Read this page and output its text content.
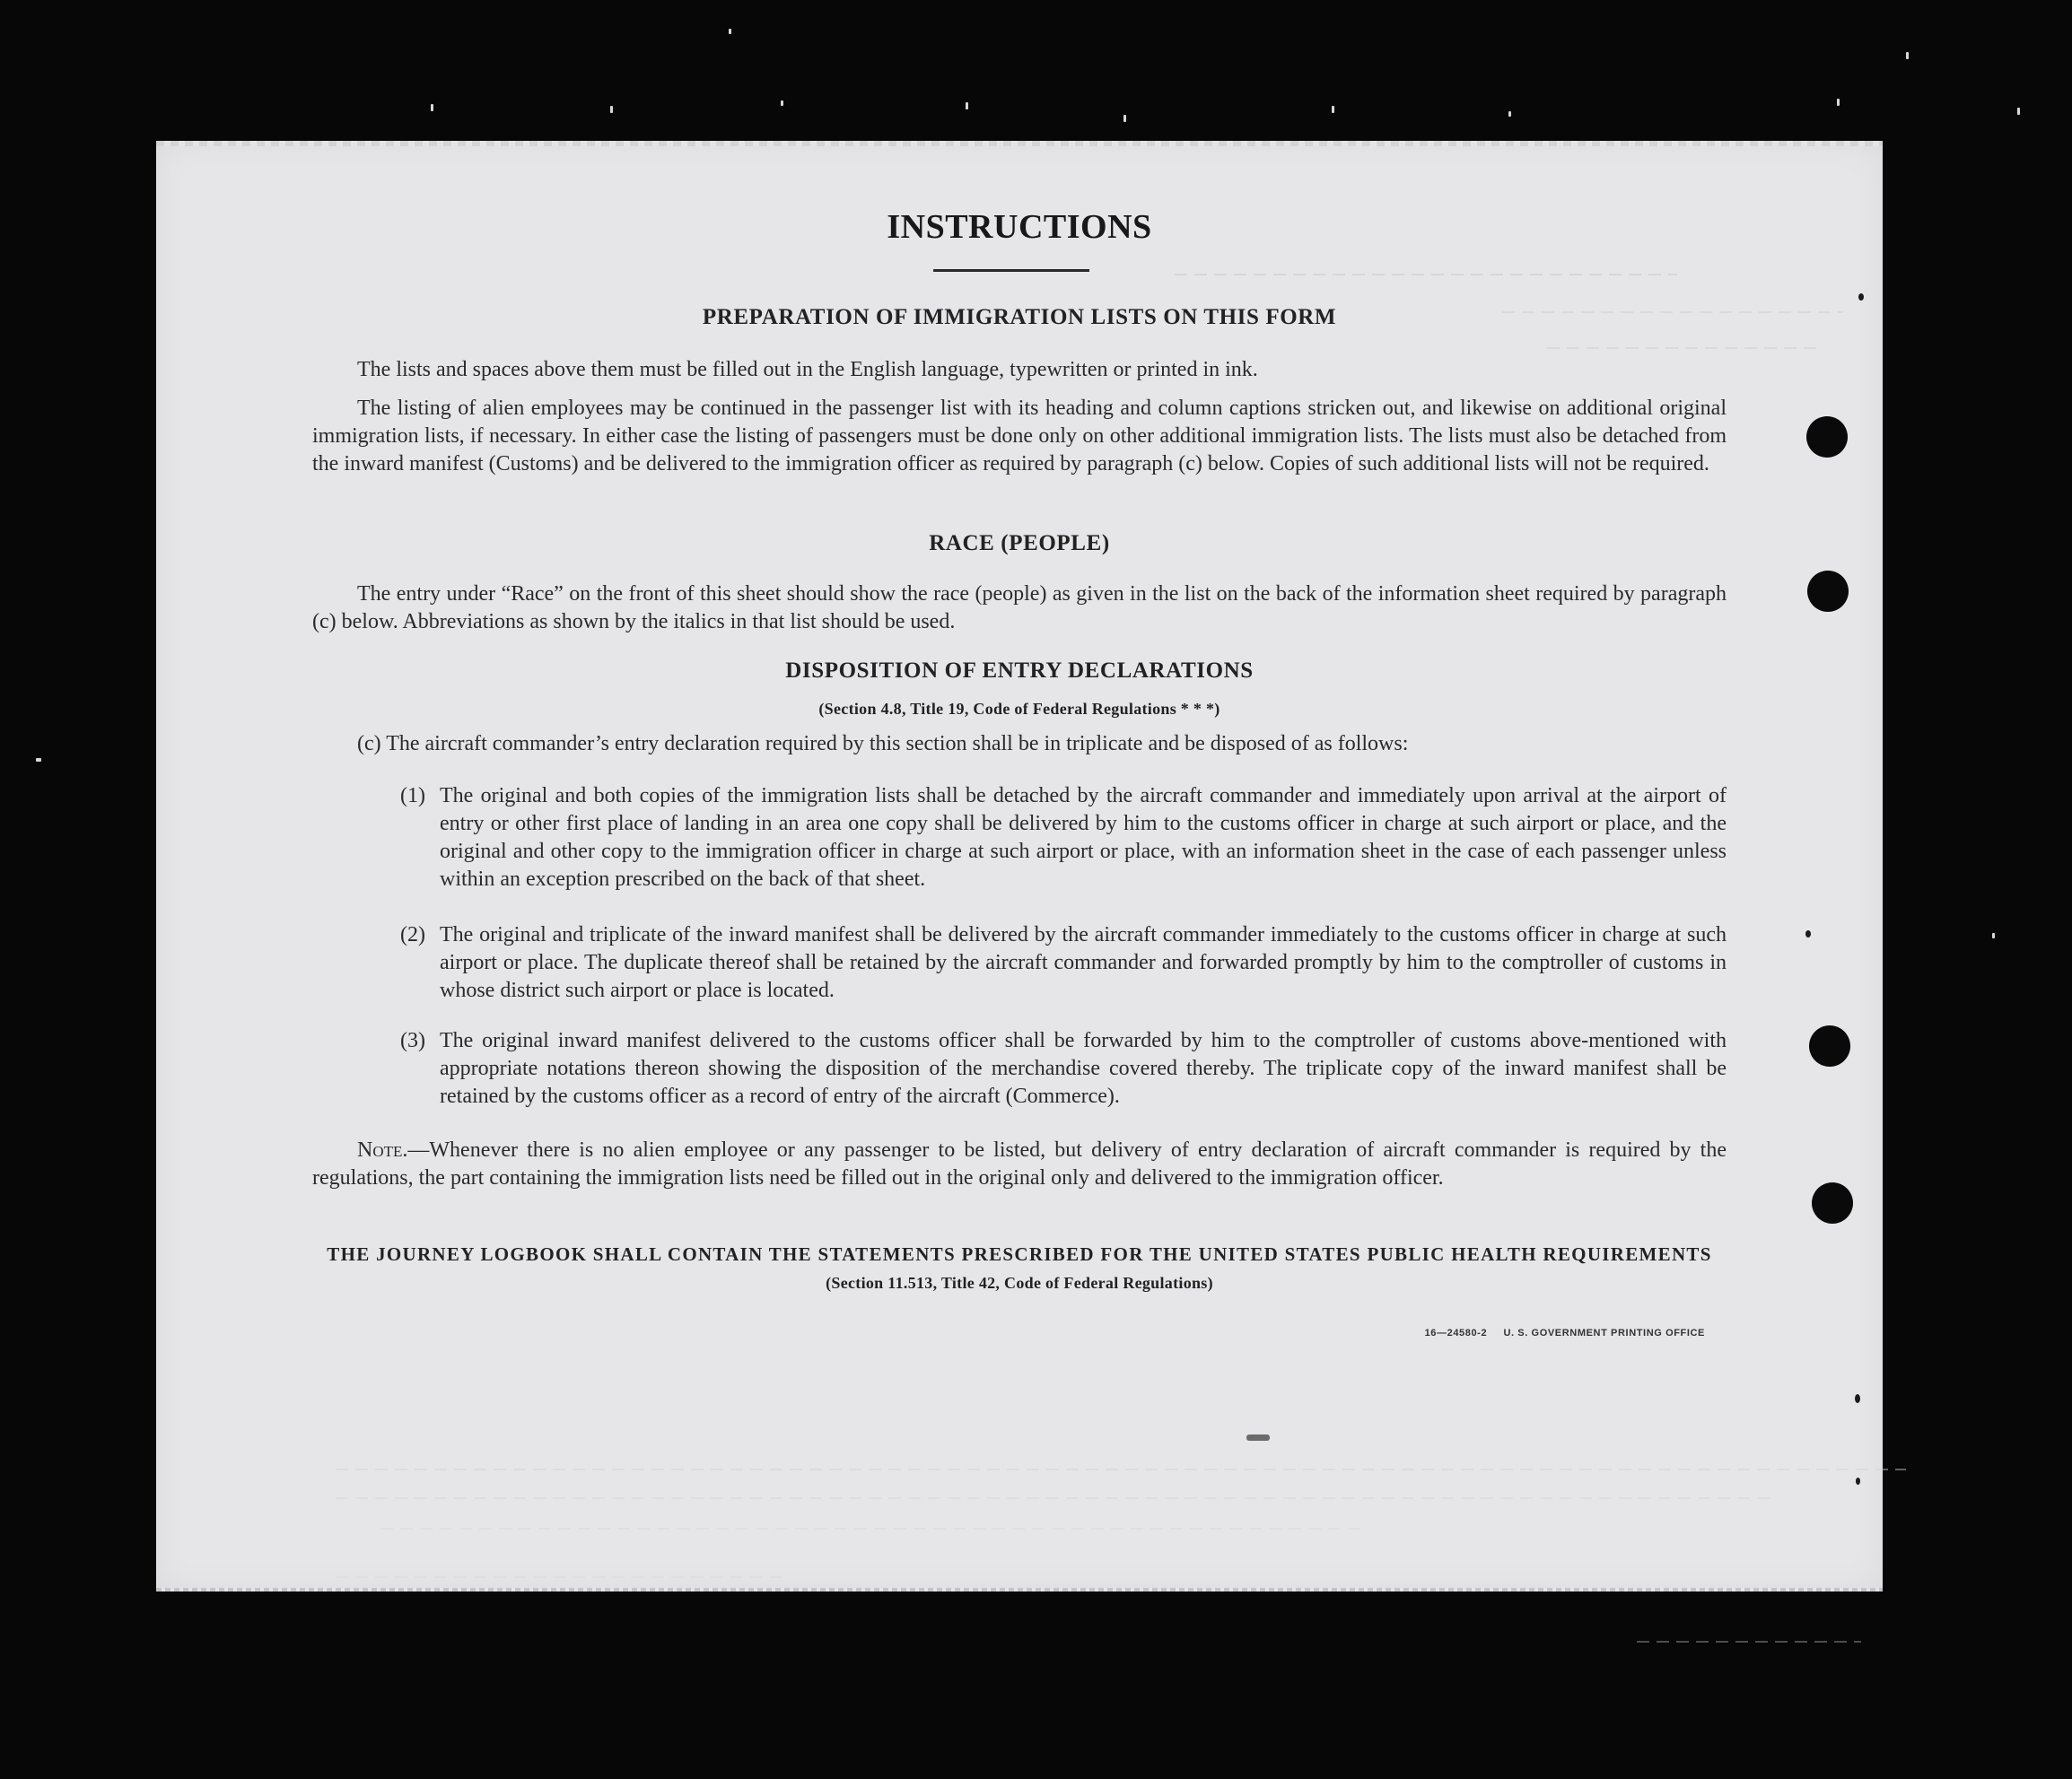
INSTRUCTIONS
PREPARATION OF IMMIGRATION LISTS ON THIS FORM

The lists and spaces above them must be filled out in the English language, typewritten or printed in ink.

The listing of alien employees may be continued in the passenger list with its heading and column captions stricken out, and likewise on additional original immigration lists, if necessary. In either case the listing of passengers must be done only on other additional immigration lists. The lists must also be detached from the inward manifest (Customs) and be delivered to the immigration officer as required by paragraph (c) below. Copies of such additional lists will not be required.

RACE (PEOPLE)

The entry under “Race” on the front of this sheet should show the race (people) as given in the list on the back of the information sheet required by paragraph (c) below. Abbreviations as shown by the italics in that list should be used.

DISPOSITION OF ENTRY DECLARATIONS
(Section 4.8, Title 19, Code of Federal Regulations * * *)

(c) The aircraft commander’s entry declaration required by this section shall be in triplicate and be disposed of as follows:

(1) The original and both copies of the immigration lists shall be detached by the aircraft commander and immediately upon arrival at the airport of entry or other first place of landing in an area one copy shall be delivered by him to the customs officer in charge at such airport or place, and the original and other copy to the immigration officer in charge at such airport or place, with an information sheet in the case of each passenger unless within an exception prescribed on the back of that sheet.

(2) The original and triplicate of the inward manifest shall be delivered by the aircraft commander immediately to the customs officer in charge at such airport or place. The duplicate thereof shall be retained by the aircraft commander and forwarded promptly by him to the comptroller of customs in whose district such airport or place is located.

(3) The original inward manifest delivered to the customs officer shall be forwarded by him to the comptroller of customs above-mentioned with appropriate notations thereon showing the disposition of the merchandise covered thereby. The triplicate copy of the inward manifest shall be retained by the customs officer as a record of entry of the aircraft (Commerce).

Note.—Whenever there is no alien employee or any passenger to be listed, but delivery of entry declaration of aircraft commander is required by the regulations, the part containing the immigration lists need be filled out in the original only and delivered to the immigration officer.

THE JOURNEY LOGBOOK SHALL CONTAIN THE STATEMENTS PRESCRIBED FOR THE UNITED STATES PUBLIC HEALTH REQUIREMENTS
(Section 11.513, Title 42, Code of Federal Regulations)
16—24580-2 U. S. GOVERNMENT PRINTING OFFICE
